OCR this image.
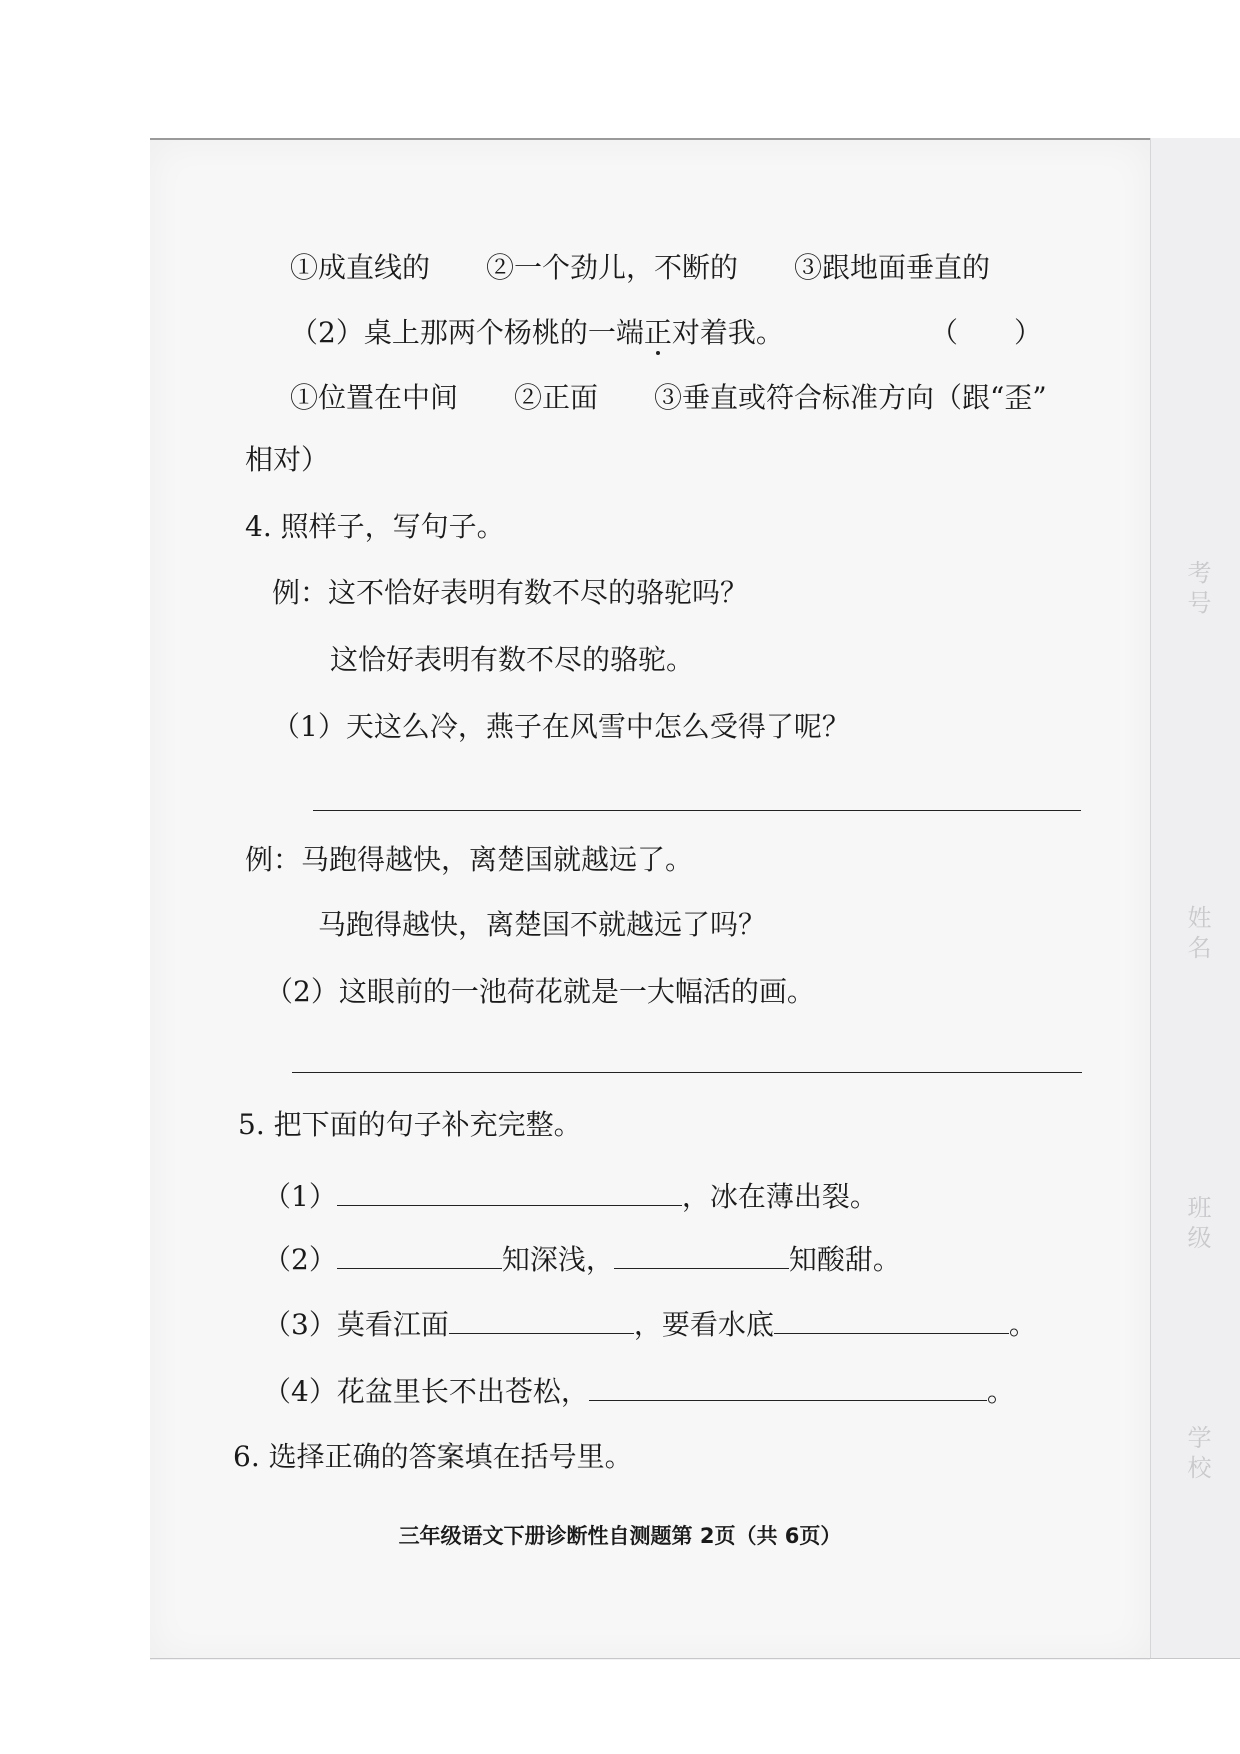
考号
姓名
班级
学校
①成直线的　　②一个劲儿，不断的　　③跟地面垂直的
（2）桌上那两个杨桃的一端正对着我。	（　　）
①位置在中间　　②正面　　③垂直或符合标准方向（跟“歪”
相对）
4. 照样子，写句子。
例：这不恰好表明有数不尽的骆驼吗？
这恰好表明有数不尽的骆驼。
（1）天这么冷，燕子在风雪中怎么受得了呢？
例：马跑得越快，离楚国就越远了。
马跑得越快，离楚国不就越远了吗？
（2）这眼前的一池荷花就是一大幅活的画。
5. 把下面的句子补充完整。
（1）	，冰在薄出裂。
（2）	知深浅，	知酸甜。
（3）莫看江面	，要看水底	。
（4）花盆里长不出苍松，	。
6. 选择正确的答案填在括号里。
三年级语文下册诊断性自测题第 2页（共 6页）
